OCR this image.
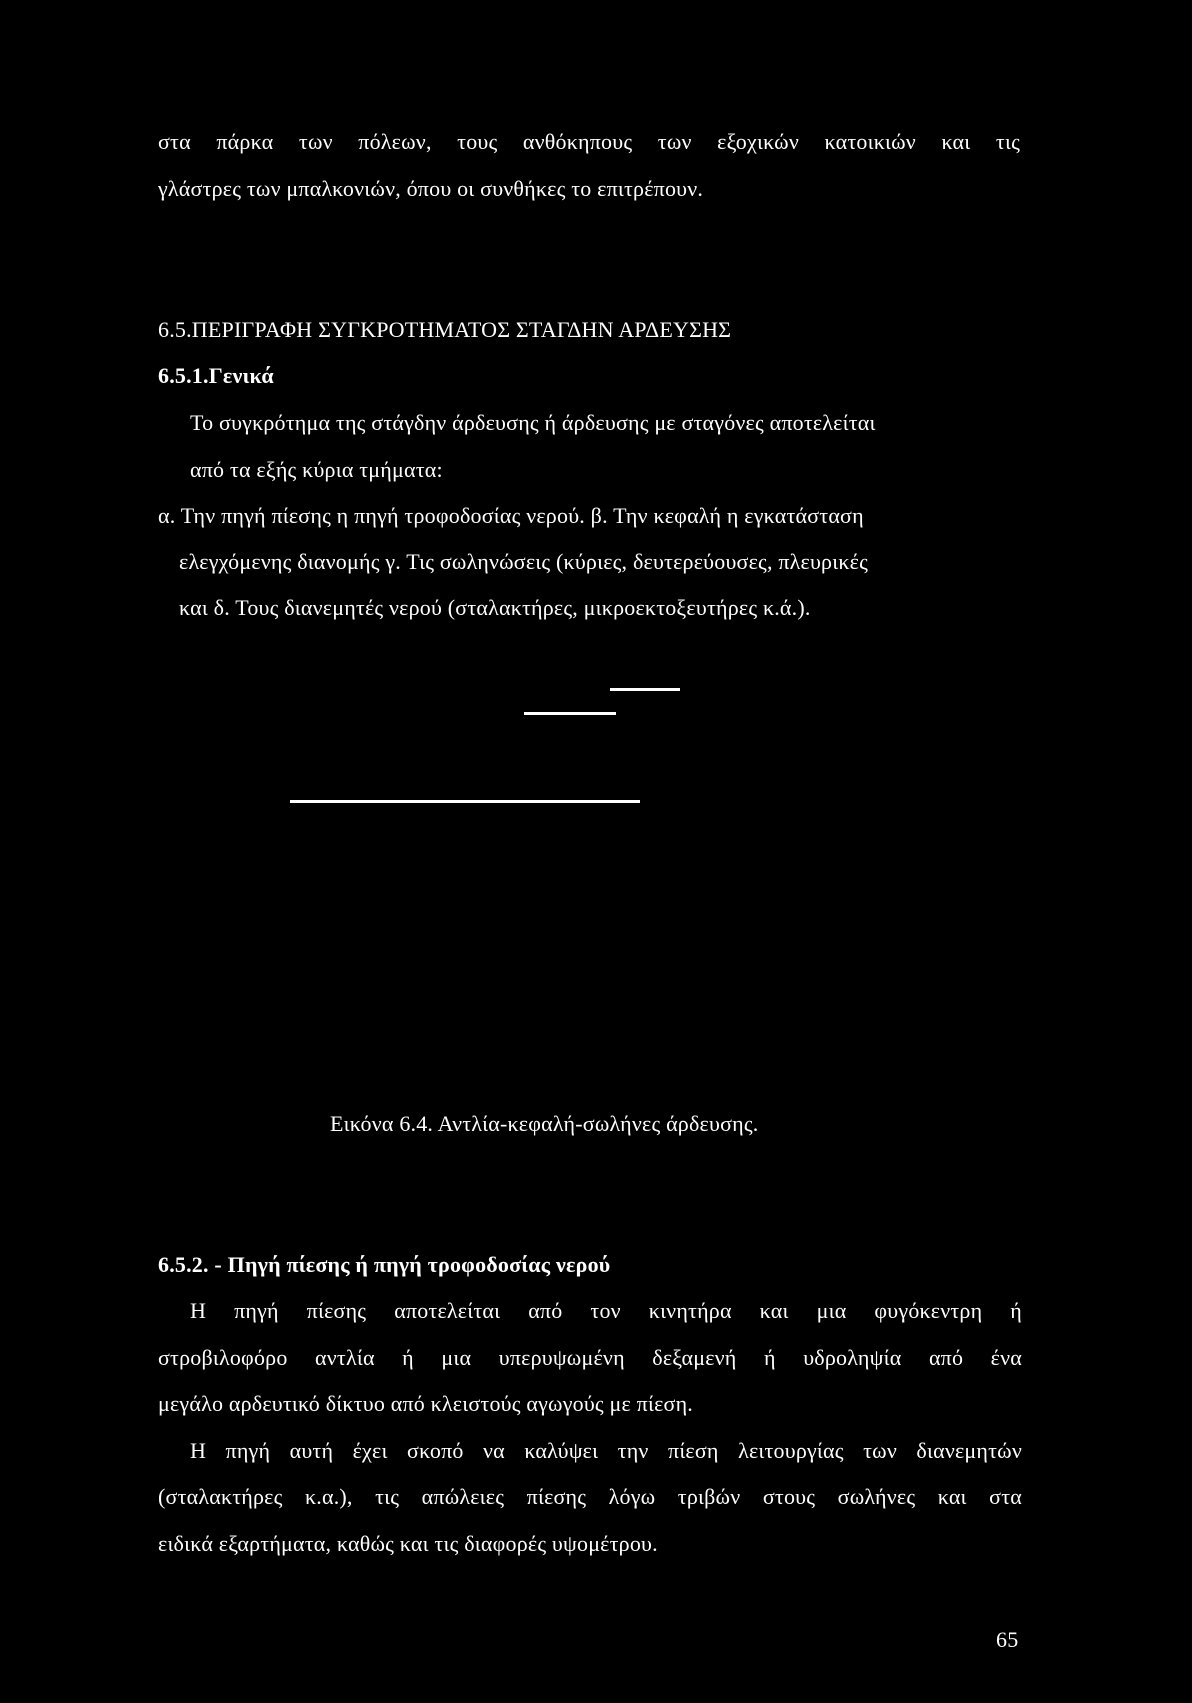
στα πάρκα των πόλεων, τους ανθόκηπους των εξοχικών κατοικιών και τις
γλάστρες των μπαλκονιών, όπου οι συνθήκες το επιτρέπουν.
6.5.ΠΕΡΙΓΡΑΦΗ ΣΥΓΚΡΟΤΗΜΑΤΟΣ ΣΤΑΓΔΗΝ ΑΡΔΕΥΣΗΣ
6.5.1.Γενικά
Το συγκρότημα της στάγδην άρδευσης ή άρδευσης με σταγόνες αποτελείται
από τα εξής κύρια τμήματα:
α. Την πηγή πίεσης η πηγή τροφοδοσίας νερού. β. Την κεφαλή η εγκατάσταση
ελεγχόμενης διανομής γ. Τις σωληνώσεις (κύριες, δευτερεύουσες, πλευρικές
και δ. Τους διανεμητές νερού (σταλακτήρες, μικροεκτοξευτήρες κ.ά.).
Εικόνα 6.4. Αντλία-κεφαλή-σωλήνες άρδευσης.
6.5.2. - Πηγή πίεσης ή πηγή τροφοδοσίας νερού
Η πηγή πίεσης αποτελείται από τον κινητήρα και μια φυγόκεντρη ή
στροβιλοφόρο αντλία ή μια υπερυψωμένη δεξαμενή ή υδροληψία από ένα
μεγάλο αρδευτικό δίκτυο από κλειστούς αγωγούς με πίεση.
Η πηγή αυτή έχει σκοπό να καλύψει την πίεση λειτουργίας των διανεμητών
(σταλακτήρες κ.α.), τις απώλειες πίεσης λόγω τριβών στους σωλήνες και στα
ειδικά εξαρτήματα, καθώς και τις διαφορές υψομέτρου.
65
